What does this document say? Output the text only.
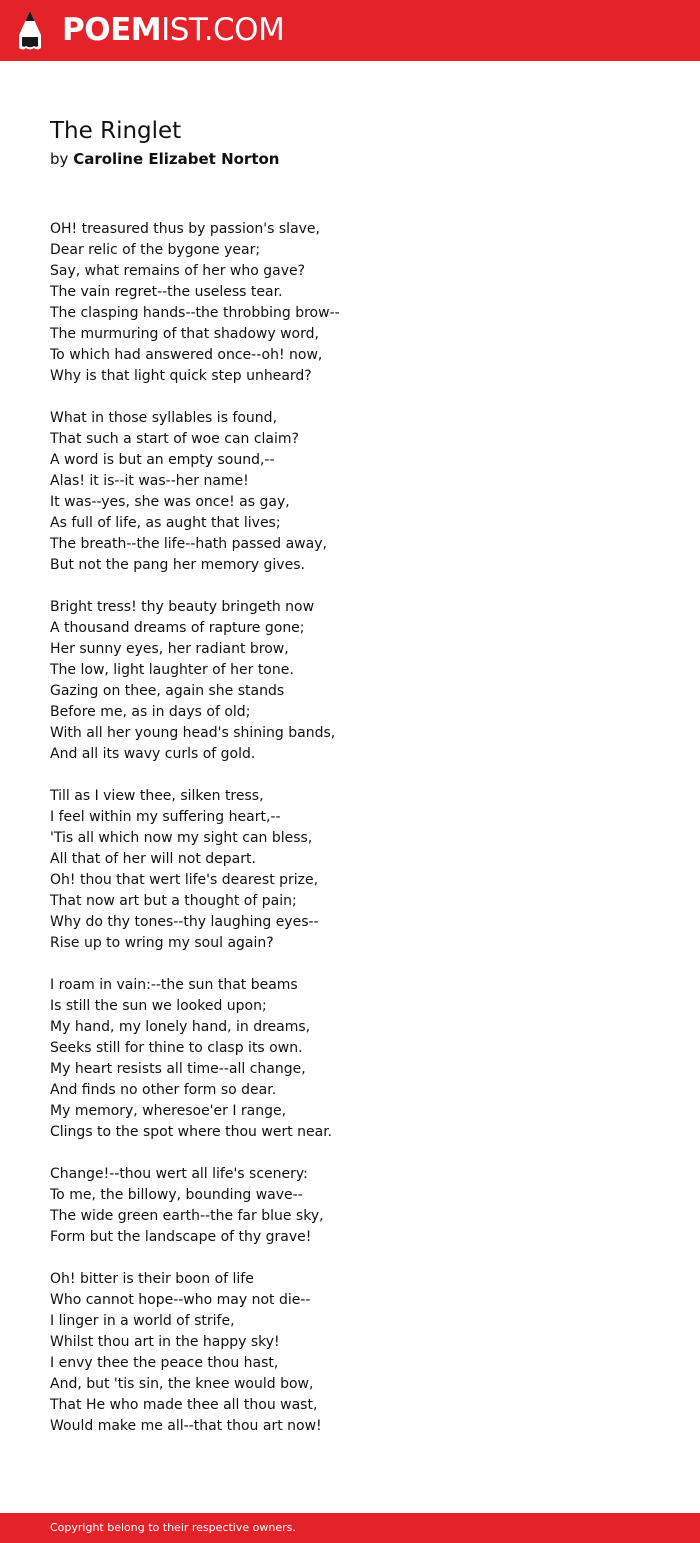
POEMIST.COM
The Ringlet
by Caroline Elizabet Norton
OH! treasured thus by passion's slave,
Dear relic of the bygone year;
Say, what remains of her who gave?
The vain regret--the useless tear.
The clasping hands--the throbbing brow--
The murmuring of that shadowy word,
To which had answered once--oh! now,
Why is that light quick step unheard?
What in those syllables is found,
That such a start of woe can claim?
A word is but an empty sound,--
Alas! it is--it was--her name!
It was--yes, she was once! as gay,
As full of life, as aught that lives;
The breath--the life--hath passed away,
But not the pang her memory gives.
Bright tress! thy beauty bringeth now
A thousand dreams of rapture gone;
Her sunny eyes, her radiant brow,
The low, light laughter of her tone.
Gazing on thee, again she stands
Before me, as in days of old;
With all her young head's shining bands,
And all its wavy curls of gold.
Till as I view thee, silken tress,
I feel within my suffering heart,--
'Tis all which now my sight can bless,
All that of her will not depart.
Oh! thou that wert life's dearest prize,
That now art but a thought of pain;
Why do thy tones--thy laughing eyes--
Rise up to wring my soul again?
I roam in vain:--the sun that beams
Is still the sun we looked upon;
My hand, my lonely hand, in dreams,
Seeks still for thine to clasp its own.
My heart resists all time--all change,
And finds no other form so dear.
My memory, wheresoe'er I range,
Clings to the spot where thou wert near.
Change!--thou wert all life's scenery:
To me, the billowy, bounding wave--
The wide green earth--the far blue sky,
Form but the landscape of thy grave!
Oh! bitter is their boon of life
Who cannot hope--who may not die--
I linger in a world of strife,
Whilst thou art in the happy sky!
I envy thee the peace thou hast,
And, but 'tis sin, the knee would bow,
That He who made thee all thou wast,
Would make me all--that thou art now!
Copyright belong to their respective owners.
